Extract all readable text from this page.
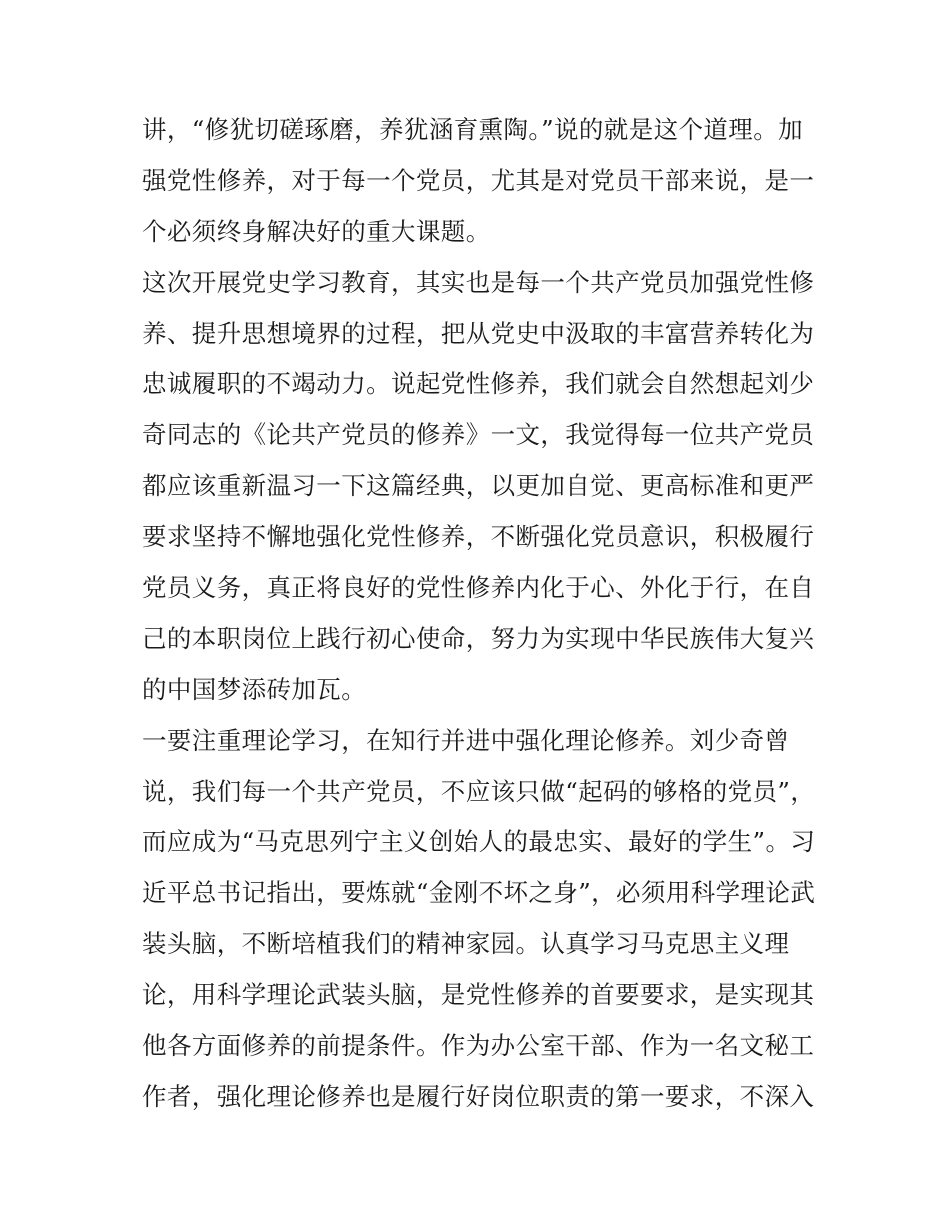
讲，“修犹切磋琢磨，养犹涵育熏陶。”说的就是这个道理。加
强党性修养，对于每一个党员，尤其是对党员干部来说，是一
个必须终身解决好的重大课题。
这次开展党史学习教育，其实也是每一个共产党员加强党性修
养、提升思想境界的过程，把从党史中汲取的丰富营养转化为
忠诚履职的不竭动力。说起党性修养，我们就会自然想起刘少
奇同志的《论共产党员的修养》一文，我觉得每一位共产党员
都应该重新温习一下这篇经典，以更加自觉、更高标准和更严
要求坚持不懈地强化党性修养，不断强化党员意识，积极履行
党员义务，真正将良好的党性修养内化于心、外化于行，在自
己的本职岗位上践行初心使命，努力为实现中华民族伟大复兴
的中国梦添砖加瓦。
一要注重理论学习，在知行并进中强化理论修养。刘少奇曾
说，我们每一个共产党员，不应该只做“起码的够格的党员”，
而应成为“马克思列宁主义创始人的最忠实、最好的学生”。习
近平总书记指出，要炼就“金刚不坏之身”，必须用科学理论武
装头脑，不断培植我们的精神家园。认真学习马克思主义理
论，用科学理论武装头脑，是党性修养的首要要求，是实现其
他各方面修养的前提条件。作为办公室干部、作为一名文秘工
作者，强化理论修养也是履行好岗位职责的第一要求，不深入
